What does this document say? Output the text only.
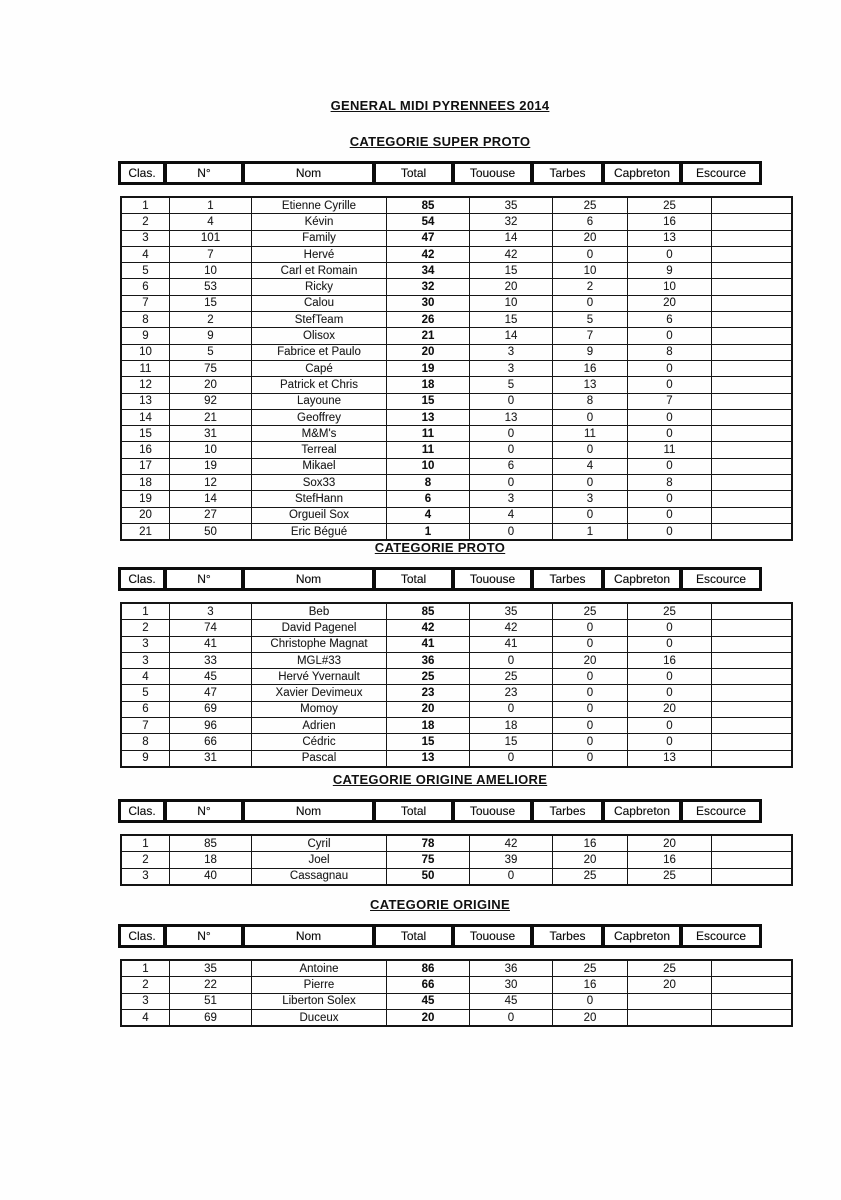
GENERAL MIDI PYRENNEES 2014
CATEGORIE SUPER PROTO
Clas.	N°	Nom	Total	Tououse	Tarbes	Capbreton	Escource
1	1	Etienne Cyrille	85	35	25	25	
2	4	Kévin	54	32	6	16	
3	101	Family	47	14	20	13	
4	7	Hervé	42	42	0	0	
5	10	Carl et Romain	34	15	10	9	
6	53	Ricky	32	20	2	10	
7	15	Calou	30	10	0	20	
8	2	StefTeam	26	15	5	6	
9	9	Olisox	21	14	7	0	
10	5	Fabrice et Paulo	20	3	9	8	
11	75	Capé	19	3	16	0	
12	20	Patrick et Chris	18	5	13	0	
13	92	Layoune	15	0	8	7	
14	21	Geoffrey	13	13	0	0	
15	31	M&M's	11	0	11	0	
16	10	Terreal	11	0	0	11	
17	19	Mikael	10	6	4	0	
18	12	Sox33	8	0	0	8	
19	14	StefHann	6	3	3	0	
20	27	Orgueil Sox	4	4	0	0	
21	50	Eric Bégué	1	0	1	0	
CATEGORIE PROTO
Clas.	N°	Nom	Total	Tououse	Tarbes	Capbreton	Escource
1	3	Beb	85	35	25	25	
2	74	David Pagenel	42	42	0	0	
3	41	Christophe Magnat	41	41	0	0	
3	33	MGL#33	36	0	20	16	
4	45	Hervé Yvernault	25	25	0	0	
5	47	Xavier Devimeux	23	23	0	0	
6	69	Momoy	20	0	0	20	
7	96	Adrien	18	18	0	0	
8	66	Cédric	15	15	0	0	
9	31	Pascal	13	0	0	13	
CATEGORIE ORIGINE AMELIORE
Clas.	N°	Nom	Total	Tououse	Tarbes	Capbreton	Escource
1	85	Cyril	78	42	16	20	
2	18	Joel	75	39	20	16	
3	40	Cassagnau	50	0	25	25	
CATEGORIE ORIGINE
Clas.	N°	Nom	Total	Tououse	Tarbes	Capbreton	Escource
1	35	Antoine	86	36	25	25	
2	22	Pierre	66	30	16	20	
3	51	Liberton Solex	45	45	0		
4	69	Duceux	20	0	20		
